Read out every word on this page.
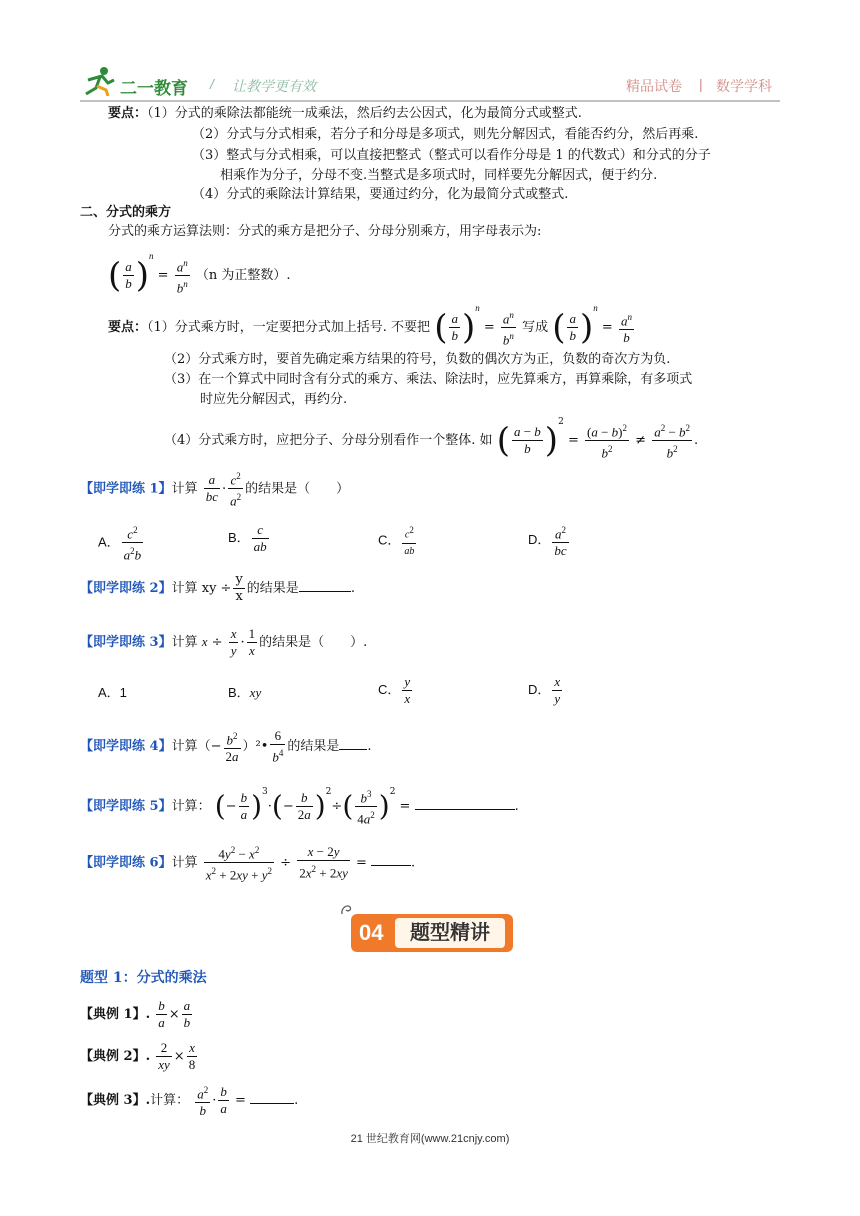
二一教育 / 让教学更有效	精品试卷 | 数学学科
要点：（1）分式的乘除法都能统一成乘法，然后约去公因式，化为最简分式或整式.
（2）分式与分式相乘，若分子和分母是多项式，则先分解因式，看能否约分，然后再乘.
（3）整式与分式相乘，可以直接把整式（整式可以看作分母是 1 的代数式）和分式的分子
相乘作为分子，分母不变.当整式是多项式时，同样要先分解因式，便于约分.
（4）分式的乘除法计算结果，要通过约分，化为最简分式或整式.
二、分式的乘方
分式的乘方运算法则：分式的乘方是把分子、分母分别乘方，用字母表示为:
( $\frac{a}{b} )^n = \frac{a^n}{b^n} (n$ 为正整数）.
要点：（1）分式乘方时，一定要把分式加上括号. 不要把 ( $\frac{a}{b} )^n = \frac{a^n}{b^n}$ 写成 ( $\frac{a}{b} )^n = \frac{a^n}{b}$
（2）分式乘方时，要首先确定乘方结果的符号，负数的偶次方为正，负数的奇次方为负.
（3）在一个算式中同时含有分式的乘方、乘法、除法时，应先算乘方，再算乘除，有多项式
时应先分解因式，再约分.
（4）分式乘方时，应把分子、分母分别看作一个整体. 如 ( $\frac{a - b}{b} )^2 = \frac{(a - b)^2}{b^2} \ne \frac{a^2 - b^2}{b^2}$ .
【即学即练 1】计算 $\frac{a}{bc} \cdot \frac{c^2}{a^2}$ 的结果是（　　）
A． $\frac{c^2}{a^2b}$	B． $\frac{c}{ab}$	C． $\frac{c2}{ab}$	D． $\frac{a^2}{bc}$
【即学即练 2】计算 xy ÷ $\frac{y}{x}$ 的结果是	.
【即学即练 3】计算 $x \div \frac{x}{y} \cdot \frac{1}{x}$ 的结果是（　　）.
A．1	B．xy	C． $\frac{y}{x}$	D． $\frac{x}{y}$
【即学即练 4】计算（− $\frac{b^2}{2a}$ ）²• $\frac{6}{b^4}$ 的结果是 .
【即学即练 5】计算： (− $\frac{b}{a} )^3\cdot(- \frac{b}{2a} )^2\div( \frac{b^3}{4a^2} )^2$ =	.
【即学即练 6】计算 $\frac{4y^2 - x^2}{x^2 + 2xy + y^2} \div \frac{x - 2y}{2x^2 + 2xy}$ =	.
04	题型精讲
题型 1：分式的乘法
【典例 1】. $\frac{b}{a} \times \frac{a}{b}$
【典例 2】. $\frac{2}{xy} \times \frac{x}{8}$
【典例 3】.计算： $\frac{a^2}{b} \cdot \frac{b}{a}$ =	.
21 世纪教育网(www.21cnjy.com)
